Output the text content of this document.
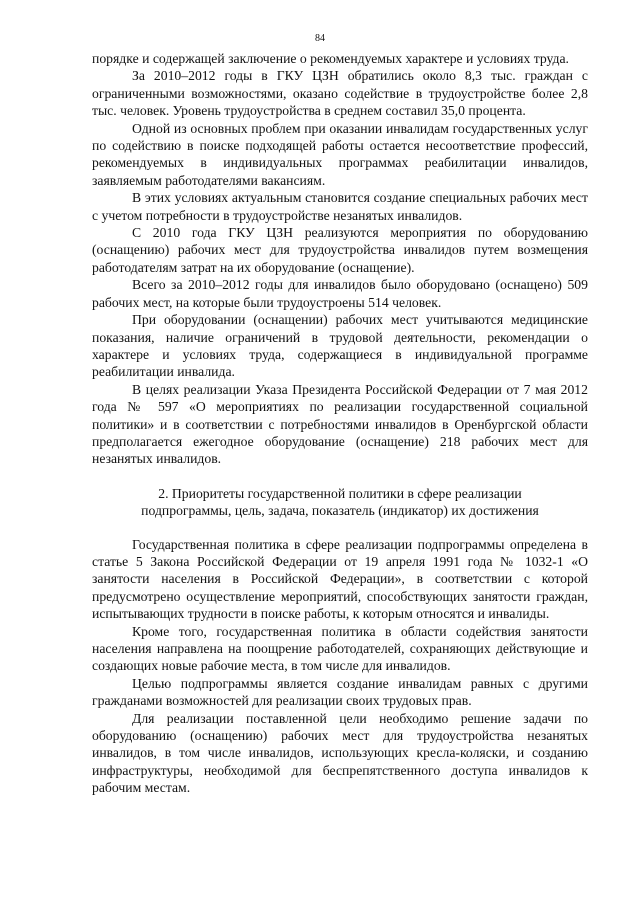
84

порядке и содержащей заключение о рекомендуемых характере и условиях труда.

За 2010–2012 годы в ГКУ ЦЗН обратились около 8,3 тыс. граждан с ограниченными возможностями, оказано содействие в трудоустройстве более 2,8 тыс. человек. Уровень трудоустройства в среднем составил 35,0 процента.

Одной из основных проблем при оказании инвалидам государственных услуг по содействию в поиске подходящей работы остается несоответствие профессий, рекомендуемых в индивидуальных программах реабилитации инвалидов, заявляемым работодателями вакансиям.

В этих условиях актуальным становится создание специальных рабочих мест с учетом потребности в трудоустройстве незанятых инвалидов.

С 2010 года ГКУ ЦЗН реализуются мероприятия по оборудованию (оснащению) рабочих мест для трудоустройства инвалидов путем возмещения работодателям затрат на их оборудование (оснащение).

Всего за 2010–2012 годы для инвалидов было оборудовано (оснащено) 509 рабочих мест, на которые были трудоустроены 514 человек.

При оборудовании (оснащении) рабочих мест учитываются медицинские показания, наличие ограничений в трудовой деятельности, рекомендации о характере и условиях труда, содержащиеся в индивидуальной программе реабилитации инвалида.

В целях реализации Указа Президента Российской Федерации от 7 мая 2012 года № 597 «О мероприятиях по реализации государственной социальной политики» и в соответствии с потребностями инвалидов в Оренбургской области предполагается ежегодное оборудование (оснащение) 218 рабочих мест для незанятых инвалидов.

2. Приоритеты государственной политики в сфере реализации подпрограммы, цель, задача, показатель (индикатор) их достижения

Государственная политика в сфере реализации подпрограммы определена в статье 5 Закона Российской Федерации от 19 апреля 1991 года № 1032-1 «О занятости населения в Российской Федерации», в соответствии с которой предусмотрено осуществление мероприятий, способствующих занятости граждан, испытывающих трудности в поиске работы, к которым относятся и инвалиды.

Кроме того, государственная политика в области содействия занятости населения направлена на поощрение работодателей, сохраняющих действующие и создающих новые рабочие места, в том числе для инвалидов.

Целью подпрограммы является создание инвалидам равных с другими гражданами возможностей для реализации своих трудовых прав.

Для реализации поставленной цели необходимо решение задачи по оборудованию (оснащению) рабочих мест для трудоустройства незанятых инвалидов, в том числе инвалидов, использующих кресла-коляски, и созданию инфраструктуры, необходимой для беспрепятственного доступа инвалидов к рабочим местам.
